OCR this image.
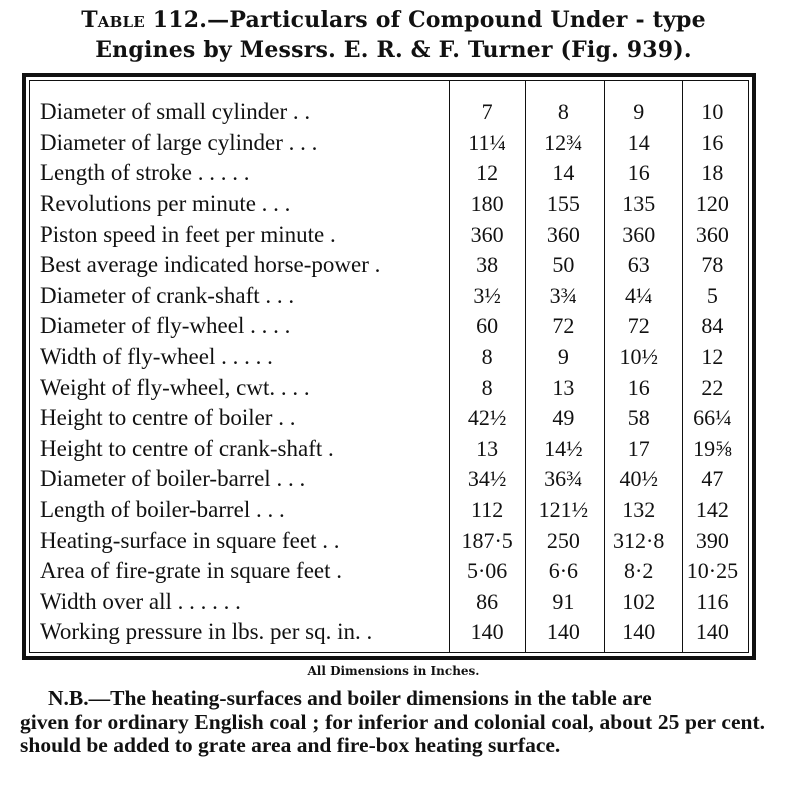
Table 112.—Particulars of Compound Under - type
Engines by Messrs. E. R. & F. Turner (Fig. 939).
Diameter of small cylinder . .	7	8	9	10
Diameter of large cylinder . . .	11¼	12¾	14	16
Length of stroke . . . . .	12	14	16	18
Revolutions per minute . . .	180	155	135	120
Piston speed in feet per minute .	360	360	360	360
Best average indicated horse-power .	38	50	63	78
Diameter of crank-shaft . . .	3½	3¾	4¼	5
Diameter of fly-wheel . . . .	60	72	72	84
Width of fly-wheel . . . . .	8	9	10½	12
Weight of fly-wheel, cwt. . . .	8	13	16	22
Height to centre of boiler . .	42½	49	58	66¼
Height to centre of crank-shaft .	13	14½	17	19⅝
Diameter of boiler-barrel . . .	34½	36¾	40½	47
Length of boiler-barrel . . .	112	121½	132	142
Heating-surface in square feet . .	187·5	250	312·8	390
Area of fire-grate in square feet .	5·06	6·6	8·2	10·25
Width over all . . . . . .	86	91	102	116
Working pressure in lbs. per sq. in. .	140	140	140	140
All Dimensions in Inches.

N.B.—The heating-surfaces and boiler dimensions in the table are

given for ordinary English coal ; for inferior and colonial coal, about 25 per cent. should be added to grate area and fire-box heating surface.
